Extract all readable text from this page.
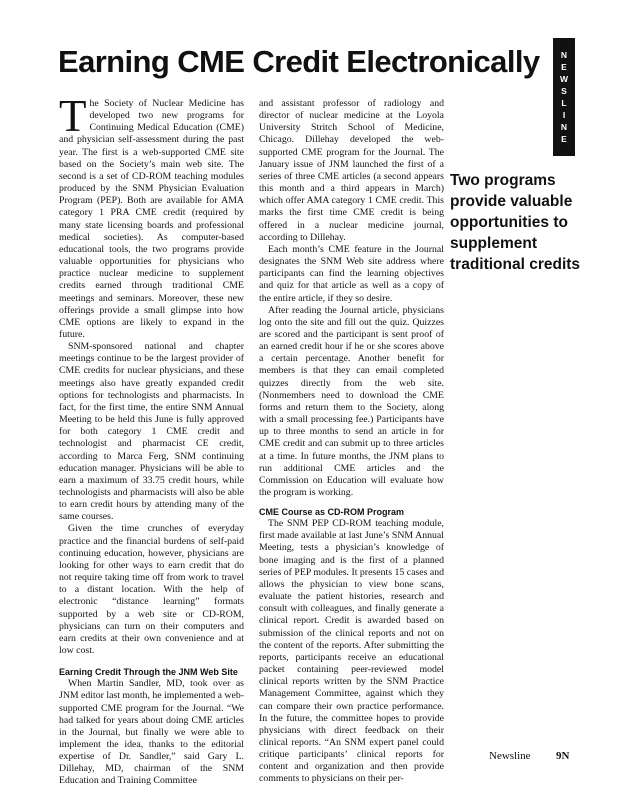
N
E
W
S
L
I
N
E
Earning CME Credit Electronically

The Society of Nuclear Medicine has developed two new programs for Continuing Medical Education (CME) and physician self-assessment during the past year. The first is a web-supported CME site based on the Society’s main web site. The second is a set of CD-ROM teaching modules produced by the SNM Physician Evaluation Program (PEP). Both are available for AMA category 1 PRA CME credit (required by many state licensing boards and professional medical societies). As computer-based educational tools, the two programs provide valuable opportunities for physicians who practice nuclear medicine to supplement credits earned through traditional CME meetings and seminars. Moreover, these new offerings provide a small glimpse into how CME options are likely to expand in the future.

SNM-sponsored national and chapter meetings continue to be the largest provider of CME credits for nuclear physicians, and these meetings also have greatly expanded credit options for technologists and pharmacists. In fact, for the first time, the entire SNM Annual Meeting to be held this June is fully approved for both category 1 CME credit and technologist and pharmacist CE credit, according to Marca Ferg, SNM continuing education manager. Physicians will be able to earn a maximum of 33.75 credit hours, while technologists and pharmacists will also be able to earn credit hours by attending many of the same courses.

Given the time crunches of everyday practice and the financial burdens of self-paid continuing education, however, physicians are looking for other ways to earn credit that do not require taking time off from work to travel to a distant location. With the help of electronic “distance learning” formats supported by a web site or CD-ROM, physicians can turn on their computers and earn credits at their own convenience and at low cost.

Earning Credit Through the JNM Web Site

When Martin Sandler, MD, took over as JNM editor last month, he implemented a web-supported CME program for the Journal. “We had talked for years about doing CME articles in the Journal, but finally we were able to implement the idea, thanks to the editorial expertise of Dr. Sandler,” said Gary L. Dillehay, MD, chairman of the SNM Education and Training Committee

and assistant professor of radiology and director of nuclear medicine at the Loyola University Stritch School of Medicine, Chicago. Dillehay developed the web-supported CME program for the Journal. The January issue of JNM launched the first of a series of three CME articles (a second appears this month and a third appears in March) which offer AMA category 1 CME credit. This marks the first time CME credit is being offered in a nuclear medicine journal, according to Dillehay.

Each month’s CME feature in the Journal designates the SNM Web site address where participants can find the learning objectives and quiz for that article as well as a copy of the entire article, if they so desire.

After reading the Journal article, physicians log onto the site and fill out the quiz. Quizzes are scored and the participant is sent proof of an earned credit hour if he or she scores above a certain percentage. Another benefit for members is that they can email completed quizzes directly from the web site. (Nonmembers need to download the CME forms and return them to the Society, along with a small processing fee.) Participants have up to three months to send an article in for CME credit and can submit up to three articles at a time. In future months, the JNM plans to run additional CME articles and the Commission on Education will evaluate how the program is working.

CME Course as CD-ROM Program

The SNM PEP CD-ROM teaching module, first made available at last June’s SNM Annual Meeting, tests a physician’s knowledge of bone imaging and is the first of a planned series of PEP modules. It presents 15 cases and allows the physician to view bone scans, evaluate the patient histories, research and consult with colleagues, and finally generate a clinical report. Credit is awarded based on submission of the clinical reports and not on the content of the reports. After submitting the reports, participants receive an educational packet containing peer-reviewed model clinical reports written by the SNM Practice Management Committee, against which they can compare their own practice performance. In the future, the committee hopes to provide physicians with direct feedback on their clinical reports. “An SNM expert panel could critique participants’ clinical reports for content and organization and then provide comments to physicians on their per-

Two programs provide valuable opportunities to supplement traditional credits
Newsline 9N
